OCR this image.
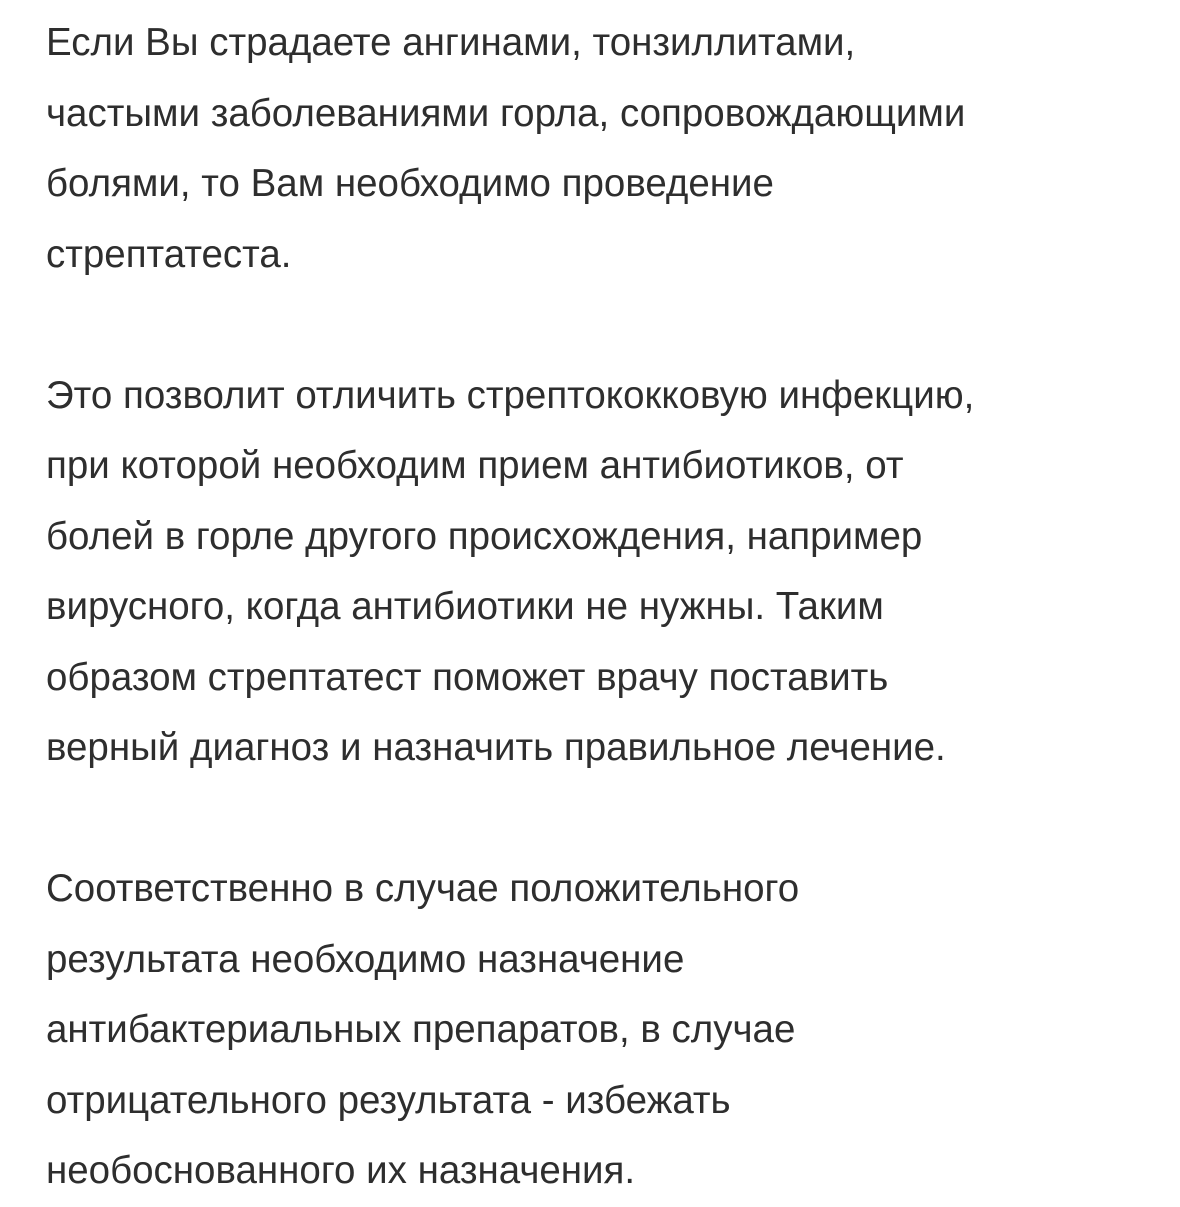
Если Вы страдаете ангинами, тонзиллитами,
частыми заболеваниями горла, сопровождающими
болями, то Вам необходимо проведение
стрептатеста.

Это позволит отличить стрептококковую инфекцию,
при которой необходим прием антибиотиков, от
болей в горле другого происхождения, например
вирусного, когда антибиотики не нужны. Таким
образом стрептатест поможет врачу поставить
верный диагноз и назначить правильное лечение.

Соответственно в случае положительного
результата необходимо назначение
антибактериальных препаратов, в случае
отрицательного результата - избежать
необоснованного их назначения.
